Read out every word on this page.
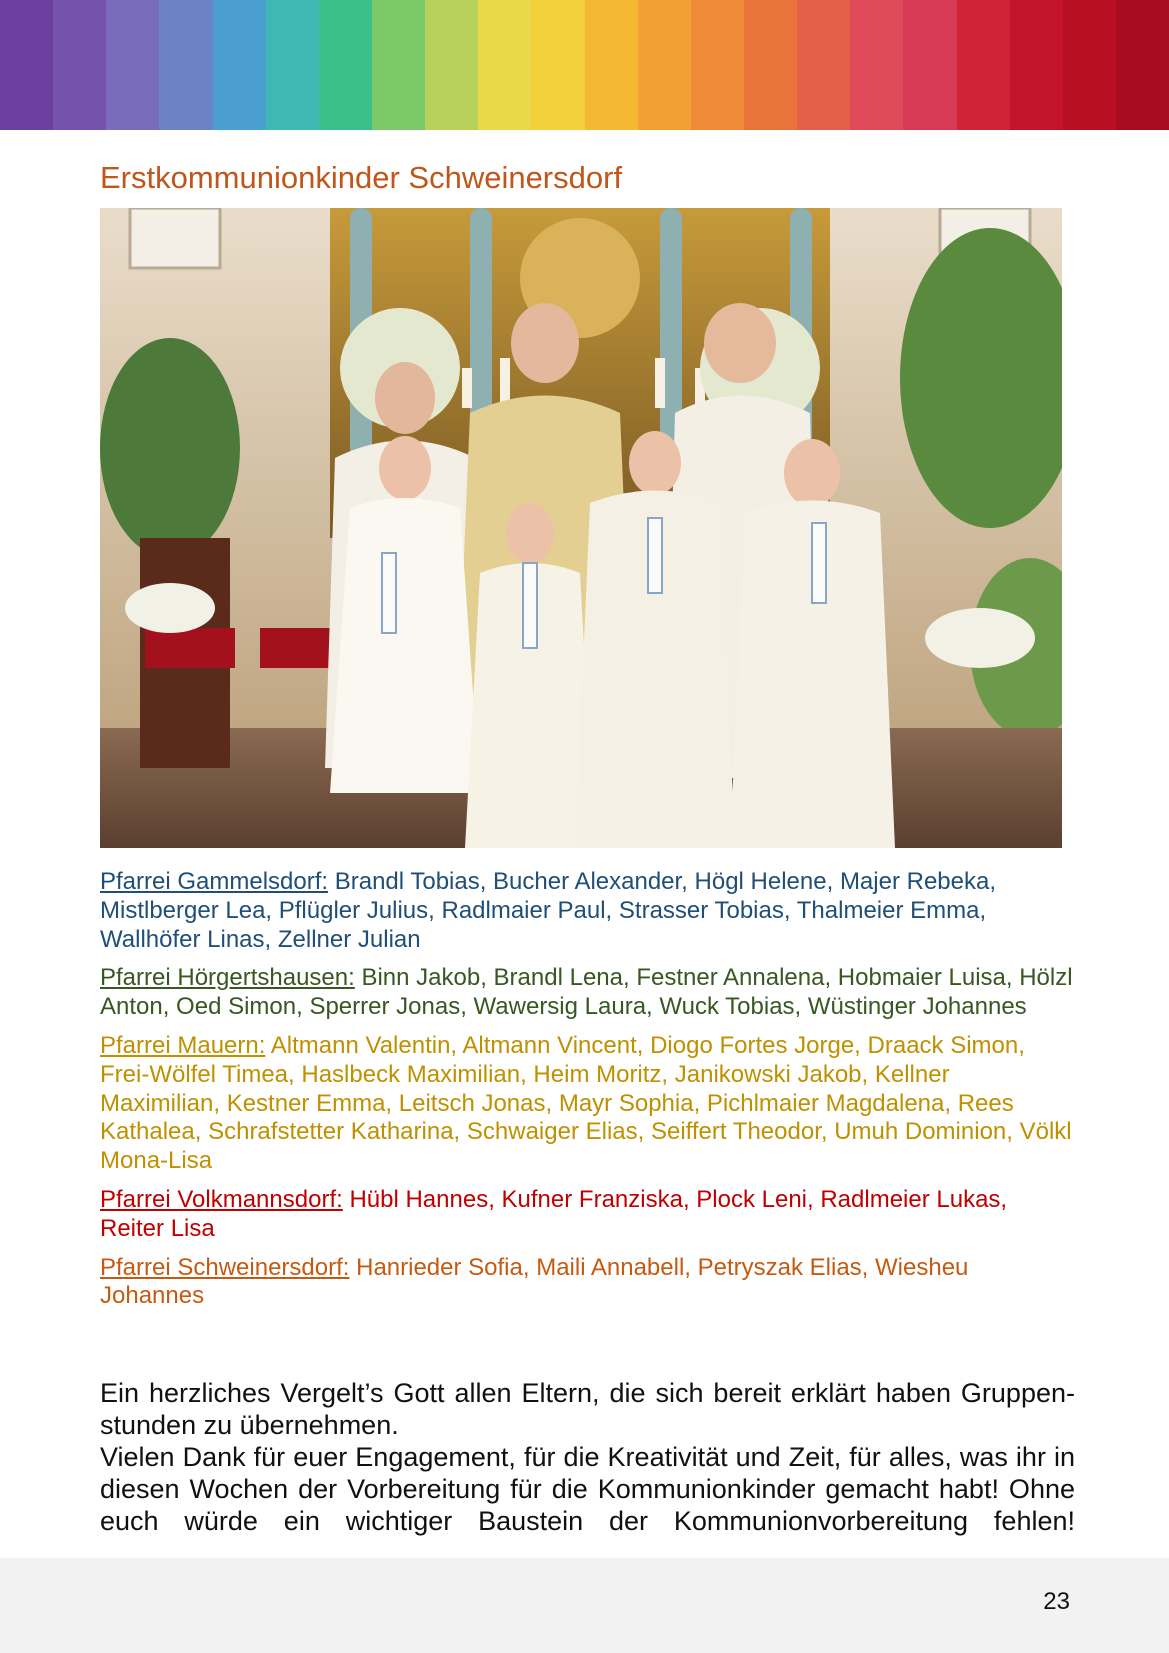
Erstkommunionkinder Schweinersdorf

Pfarrei Gammelsdorf: Brandl Tobias, Bucher Alexander, Högl Helene, Majer Rebeka, Mistlberger Lea, Pflügler Julius, Radlmaier Paul, Strasser Tobias, Thalmeier Emma, Wallhöfer Linas, Zellner Julian

Pfarrei Hörgertshausen: Binn Jakob, Brandl Lena, Festner Annalena, Hobmaier Luisa, Hölzl Anton, Oed Simon, Sperrer Jonas, Wawersig Laura, Wuck Tobias, Wüstinger Johannes

Pfarrei Mauern: Altmann Valentin, Altmann Vincent, Diogo Fortes Jorge, Draack Simon, Frei-Wölfel Timea, Haslbeck Maximilian, Heim Moritz, Janikowski Jakob, Kellner Maximilian, Kestner Emma, Leitsch Jonas, Mayr Sophia, Pichlmaier Magdalena, Rees Kathalea, Schrafstetter Katharina, Schwaiger Elias, Seiffert Theodor, Umuh Dominion, Völkl Mona-Lisa

Pfarrei Volkmannsdorf: Hübl Hannes, Kufner Franziska, Plock Leni, Radlmeier Lukas, Reiter Lisa

Pfarrei Schweinersdorf: Hanrieder Sofia, Maili Annabell, Petryszak Elias, Wiesheu Johannes

Ein herzliches Vergelt’s Gott allen Eltern, die sich bereit erklärt haben Gruppen-stunden zu übernehmen.

Vielen Dank für euer Engagement, für die Kreativität und Zeit, für alles, was ihr in diesen Wochen der Vorbereitung für die Kommunionkinder gemacht habt! Ohne euch würde ein wichtiger Baustein der Kommunionvorbereitung fehlen!

23
